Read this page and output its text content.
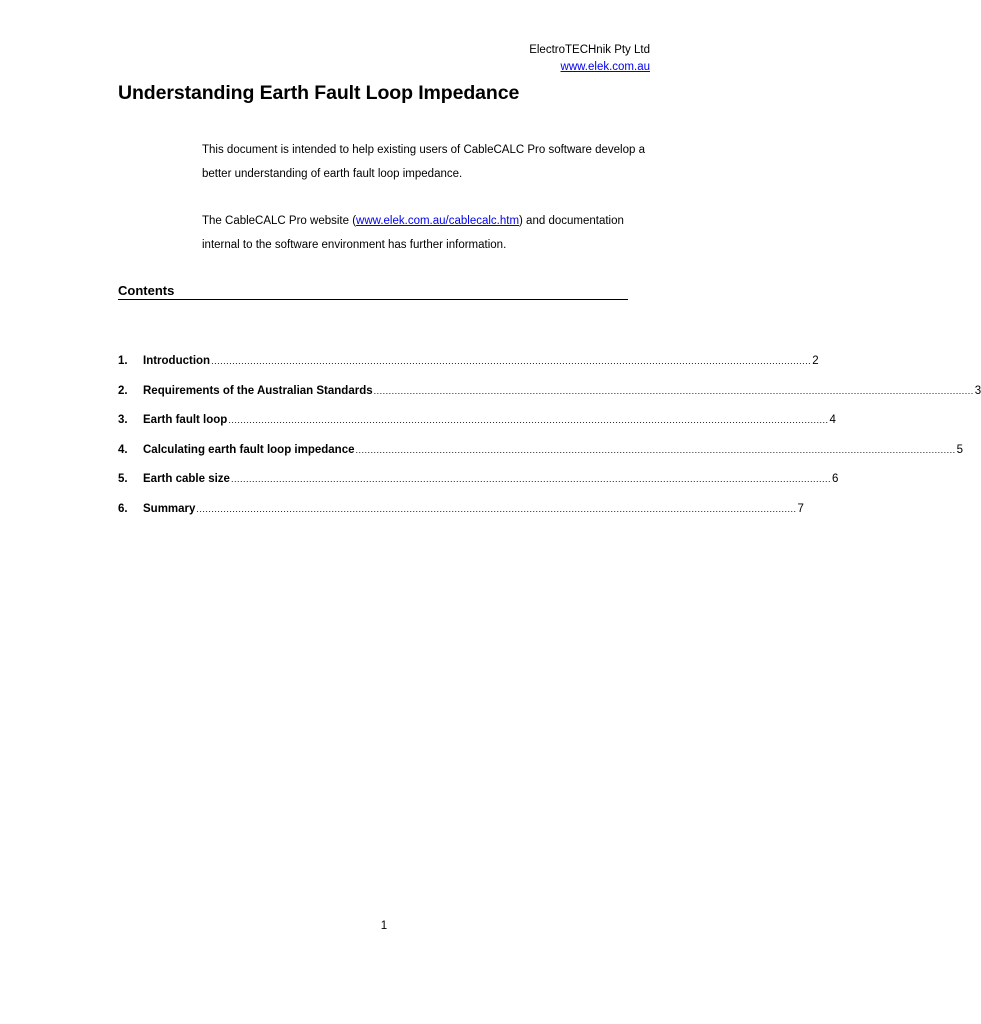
ElectroTECHnik Pty Ltd
www.elek.com.au
Understanding Earth Fault Loop Impedance

This document is intended to help existing users of CableCALC Pro software develop a better understanding of earth fault loop impedance.

The CableCALC Pro website (www.elek.com.au/cablecalc.htm) and documentation internal to the software environment has further information.

Contents
1.	Introduction ........................................................................................................................................................................................................ 2
2.	Requirements of the Australian Standards ........................................................................................................................................................................................................ 3
3.	Earth fault loop ........................................................................................................................................................................................................ 4
4.	Calculating earth fault loop impedance ........................................................................................................................................................................................................ 5
5.	Earth cable size ........................................................................................................................................................................................................ 6
6.	Summary ........................................................................................................................................................................................................ 7
1
